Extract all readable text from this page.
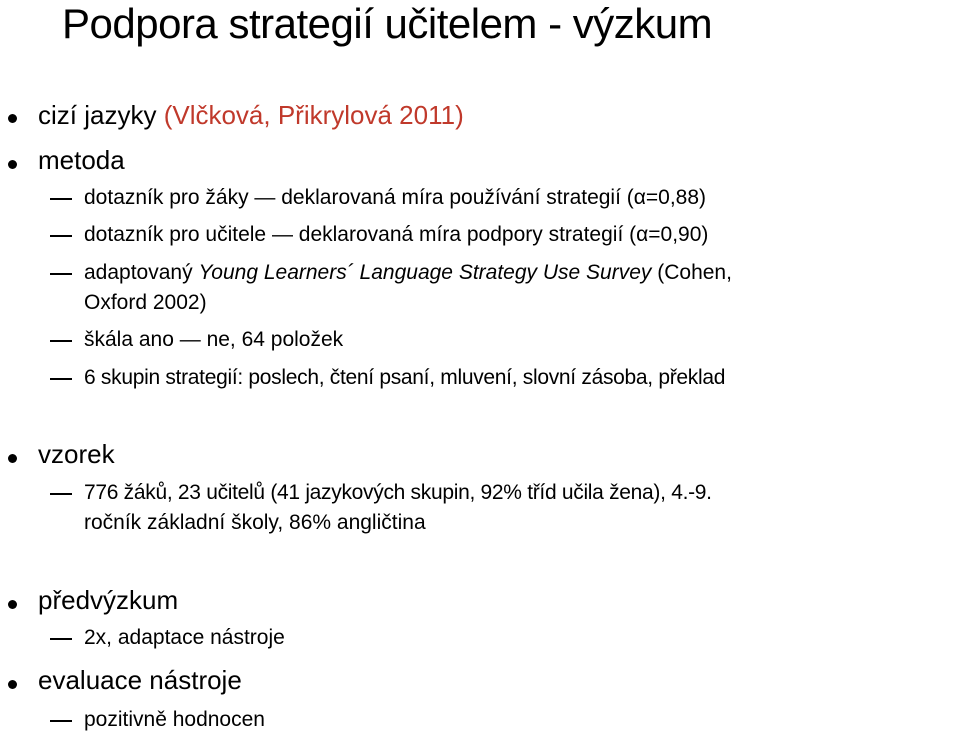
Podpora strategií učitelem - výzkum
cizí jazyky (Vlčková, Přikrylová 2011)
metoda
dotazník pro žáky — deklarovaná míra používání strategií (α=0,88)
dotazník pro učitele — deklarovaná míra podpory strategií (α=0,90)
adaptovaný Young Learners´ Language Strategy Use Survey (Cohen,
Oxford 2002)
škála ano — ne, 64 položek
6 skupin strategií: poslech, čtení psaní, mluvení, slovní zásoba, překlad
vzorek
776 žáků, 23 učitelů (41 jazykových skupin, 92% tříd učila žena), 4.-9.
ročník základní školy, 86% angličtina
předvýzkum
2x, adaptace nástroje
evaluace nástroje
pozitivně hodnocen
